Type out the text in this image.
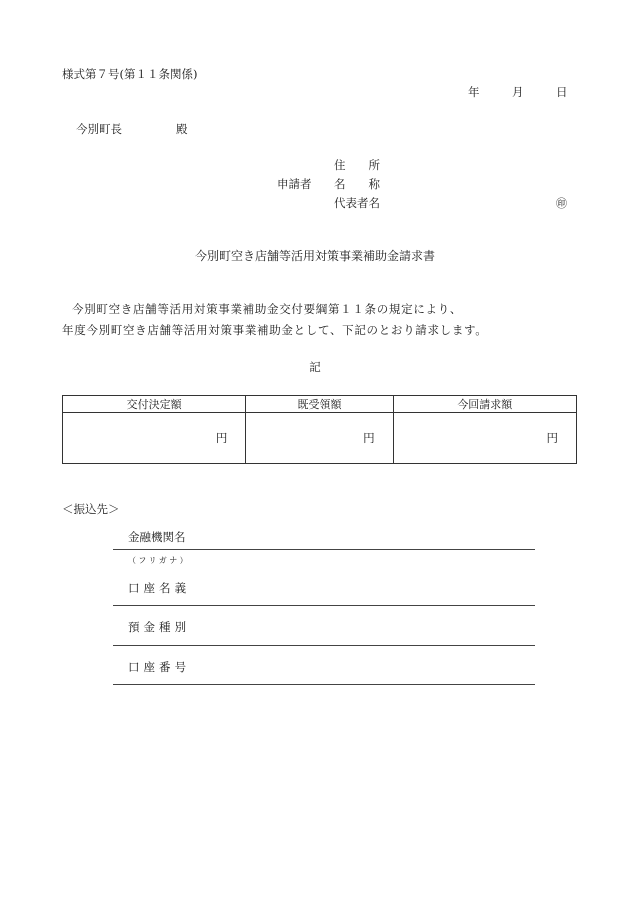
様式第７号(第１１条関係)
年	月	日
今別町長	殿
申請者
住　　所
名　　称
代表者名	㊞
今別町空き店舗等活用対策事業補助金請求書
今別町空き店舗等活用対策事業補助金交付要綱第１１条の規定により、
年度今別町空き店舗等活用対策事業補助金として、下記のとおり請求します。
記
交付決定額	既受領額	今回請求額
円	円	円
＜振込先＞
金融機関名
（フリガナ）
口座名義
預金種別
口座番号
